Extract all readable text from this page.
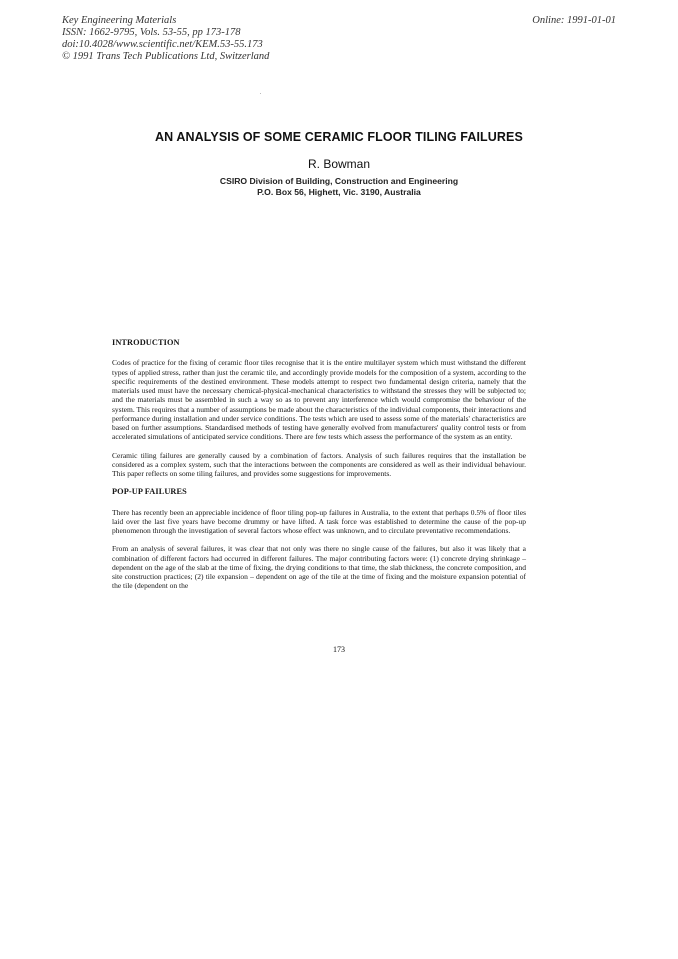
Key Engineering Materials
ISSN: 1662-9795, Vols. 53-55, pp 173-178
doi:10.4028/www.scientific.net/KEM.53-55.173
© 1991 Trans Tech Publications Ltd, Switzerland
Online: 1991-01-01
AN ANALYSIS OF SOME CERAMIC FLOOR TILING FAILURES
R. Bowman
CSIRO Division of Building, Construction and Engineering
P.O. Box 56, Highett, Vic. 3190, Australia
INTRODUCTION

Codes of practice for the fixing of ceramic floor tiles recognise that it is the entire multilayer system which must withstand the different types of applied stress, rather than just the ceramic tile, and accordingly provide models for the composition of a system, according to the specific requirements of the destined environment. These models attempt to respect two fundamental design criteria, namely that the materials used must have the necessary chemical-physical-mechanical characteristics to withstand the stresses they will be subjected to; and the materials must be assembled in such a way so as to prevent any interference which would compromise the behaviour of the system. This requires that a number of assumptions be made about the characteristics of the individual components, their interactions and performance during installation and under service conditions. The tests which are used to assess some of the materials' characteristics are based on further assumptions. Standardised methods of testing have generally evolved from manufacturers' quality control tests or from accelerated simulations of anticipated service conditions. There are few tests which assess the performance of the system as an entity.

Ceramic tiling failures are generally caused by a combination of factors. Analysis of such failures requires that the installation be considered as a complex system, such that the interactions between the components are considered as well as their individual behaviour. This paper reflects on some tiling failures, and provides some suggestions for improvements.

POP-UP FAILURES

There has recently been an appreciable incidence of floor tiling pop-up failures in Australia, to the extent that perhaps 0.5% of floor tiles laid over the last five years have become drummy or have lifted. A task force was established to determine the cause of the pop-up phenomenon through the investigation of several factors whose effect was unknown, and to circulate preventative recommendations.

From an analysis of several failures, it was clear that not only was there no single cause of the failures, but also it was likely that a combination of different factors had occurred in different failures. The major contributing factors were: (1) concrete drying shrinkage – dependent on the age of the slab at the time of fixing, the drying conditions to that time, the slab thickness, the concrete composition, and site construction practices; (2) tile expansion – dependent on age of the tile at the time of fixing and the moisture expansion potential of the tile (dependent on the

173
